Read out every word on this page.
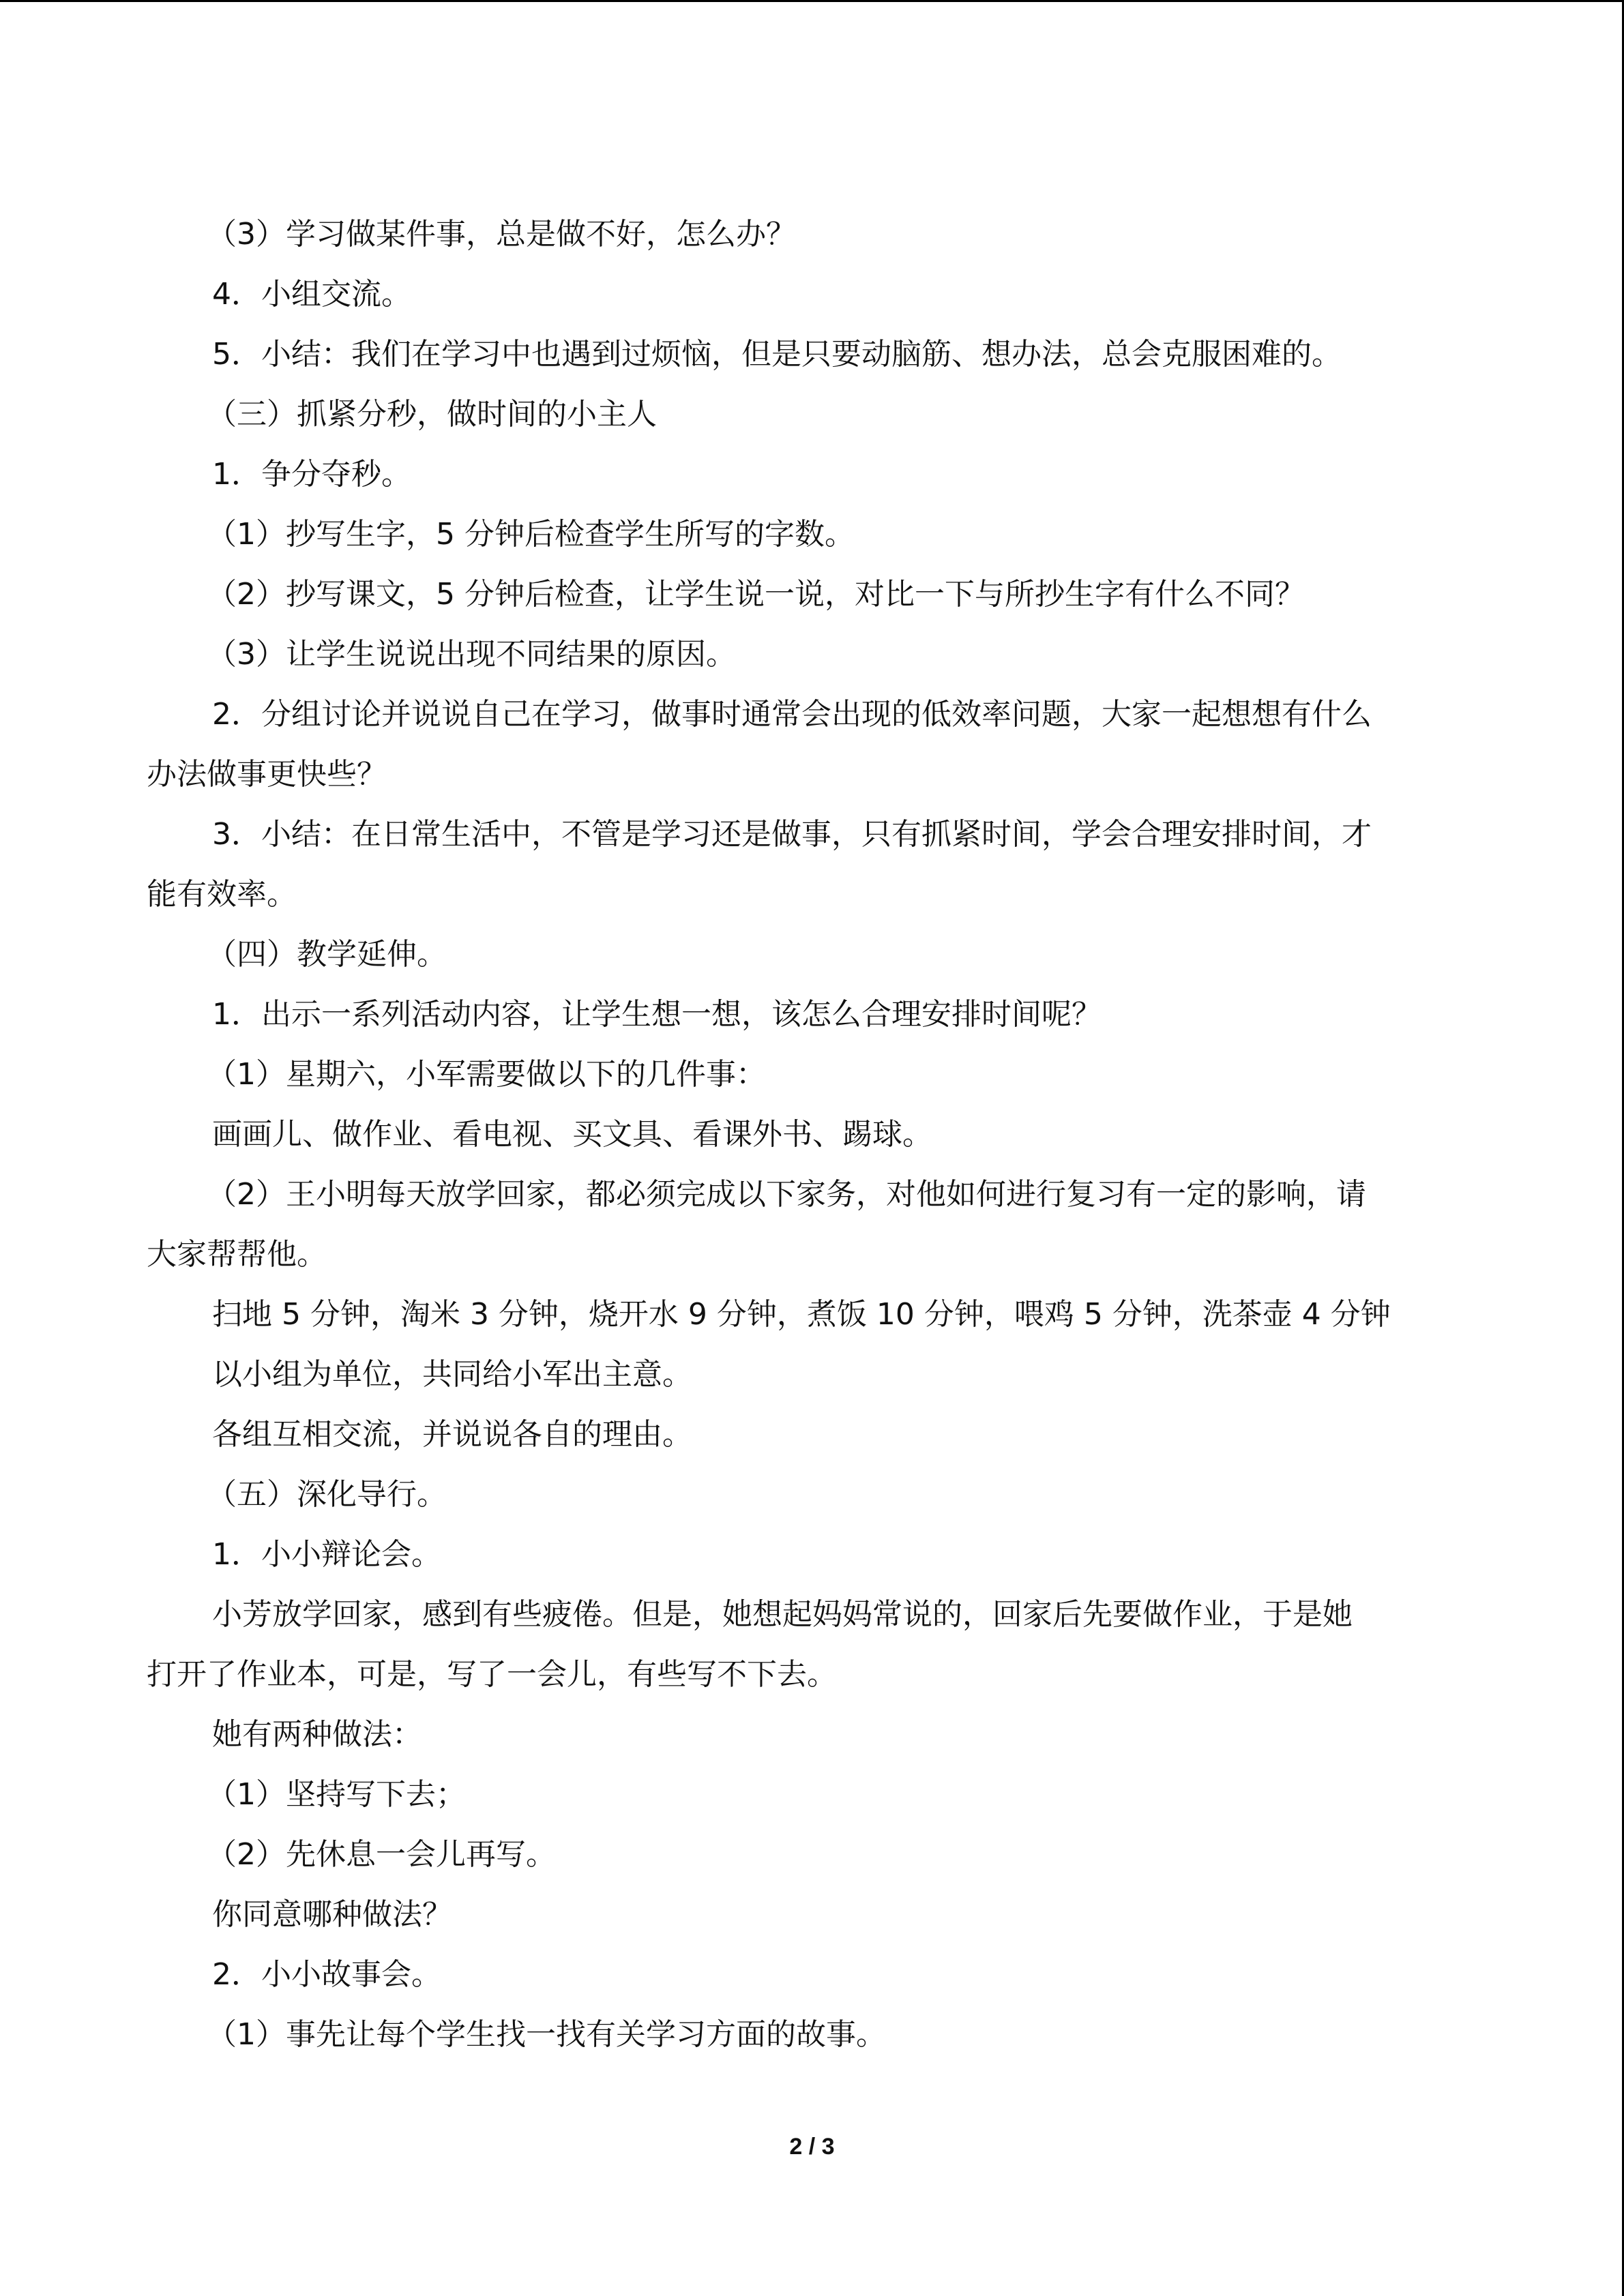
（3）学习做某件事，总是做不好，怎么办？

4．小组交流。

5．小结：我们在学习中也遇到过烦恼，但是只要动脑筋、想办法，总会克服困难的。

（三）抓紧分秒，做时间的小主人

1．争分夺秒。

（1）抄写生字，5 分钟后检查学生所写的字数。

（2）抄写课文，5 分钟后检查，让学生说一说，对比一下与所抄生字有什么不同？

（3）让学生说说出现不同结果的原因。

2．分组讨论并说说自己在学习，做事时通常会出现的低效率问题，大家一起想想有什么

办法做事更快些？

3．小结：在日常生活中，不管是学习还是做事，只有抓紧时间，学会合理安排时间，才

能有效率。

（四）教学延伸。

1．出示一系列活动内容，让学生想一想，该怎么合理安排时间呢？

（1）星期六，小军需要做以下的几件事：

画画儿、做作业、看电视、买文具、看课外书、踢球。

（2）王小明每天放学回家，都必须完成以下家务，对他如何进行复习有一定的影响，请

大家帮帮他。

扫地 5 分钟，淘米 3 分钟，烧开水 9 分钟，煮饭 10 分钟，喂鸡 5 分钟，洗茶壶 4 分钟

以小组为单位，共同给小军出主意。

各组互相交流，并说说各自的理由。

（五）深化导行。

1．小小辩论会。

小芳放学回家，感到有些疲倦。但是，她想起妈妈常说的，回家后先要做作业，于是她

打开了作业本，可是，写了一会儿，有些写不下去。

她有两种做法：

（1）坚持写下去；

（2）先休息一会儿再写。

你同意哪种做法？

2．小小故事会。

（1）事先让每个学生找一找有关学习方面的故事。

2 / 3
